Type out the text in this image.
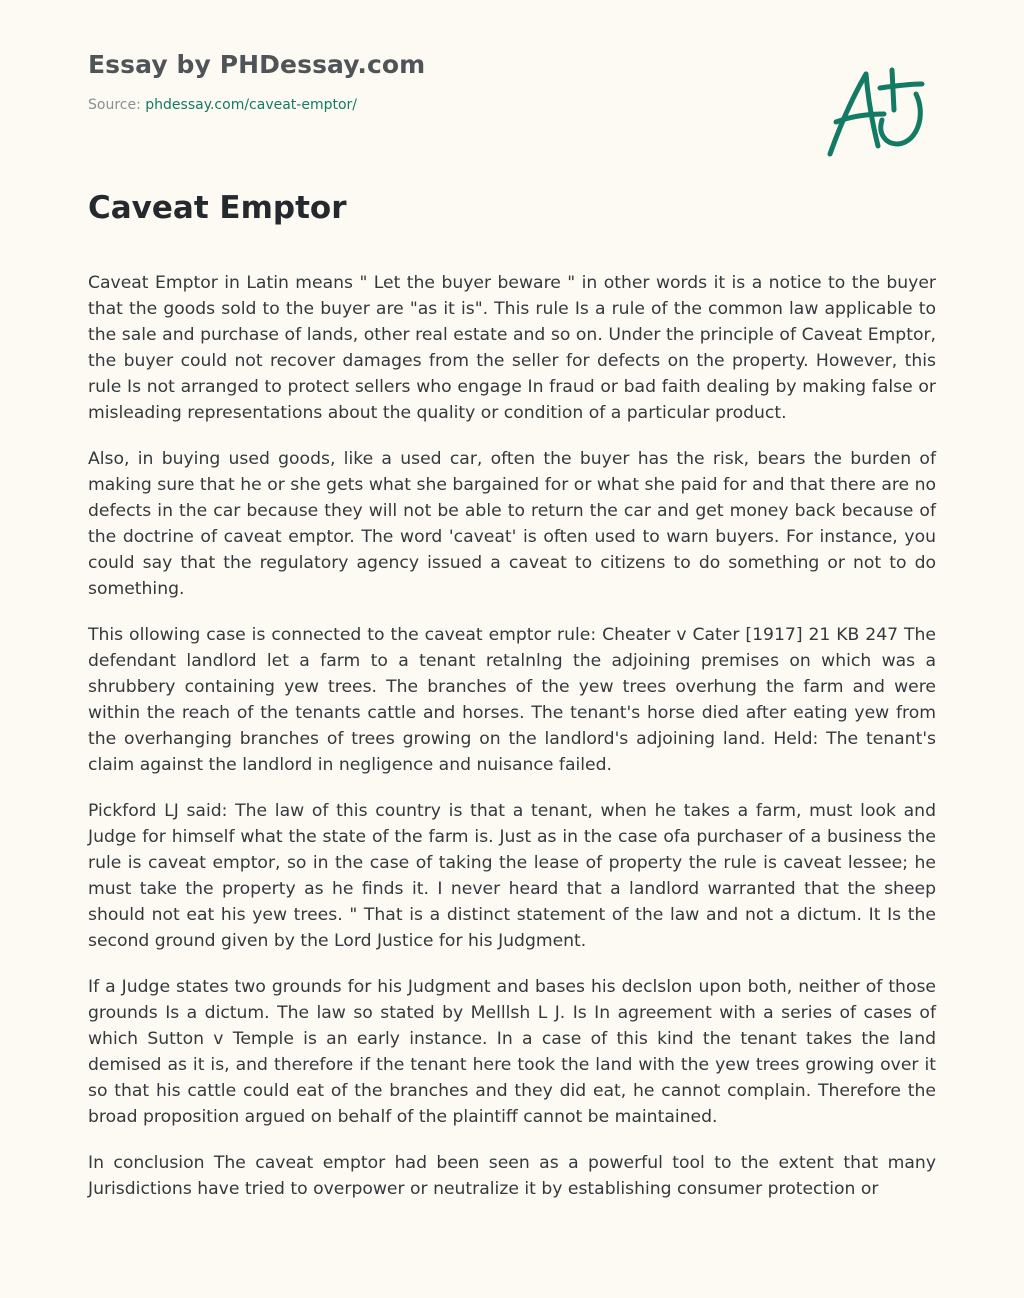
Essay by PHDessay.com
Source: phdessay.com/caveat-emptor/
Caveat Emptor

Caveat Emptor in Latin means " Let the buyer beware " in other words it is a notice to the buyer that the goods sold to the buyer are "as it is". This rule Is a rule of the common law applicable to the sale and purchase of lands, other real estate and so on. Under the principle of Caveat Emptor, the buyer could not recover damages from the seller for defects on the property. However, this rule Is not arranged to protect sellers who engage In fraud or bad faith dealing by making false or misleading representations about the quality or condition of a particular product.

Also, in buying used goods, like a used car, often the buyer has the risk, bears the burden of making sure that he or she gets what she bargained for or what she paid for and that there are no defects in the car because they will not be able to return the car and get money back because of the doctrine of caveat emptor. The word 'caveat' is often used to warn buyers. For instance, you could say that the regulatory agency issued a caveat to citizens to do something or not to do something.

This ollowing case is connected to the caveat emptor rule: Cheater v Cater [1917] 21 KB 247 The defendant landlord let a farm to a tenant retalnlng the adjoining premises on which was a shrubbery containing yew trees. The branches of the yew trees overhung the farm and were within the reach of the tenants cattle and horses. The tenant's horse died after eating yew from the overhanging branches of trees growing on the landlord's adjoining land. Held: The tenant's claim against the landlord in negligence and nuisance failed.

Pickford LJ said: The law of this country is that a tenant, when he takes a farm, must look and Judge for himself what the state of the farm is. Just as in the case ofa purchaser of a business the rule is caveat emptor, so in the case of taking the lease of property the rule is caveat lessee; he must take the property as he finds it. I never heard that a landlord warranted that the sheep should not eat his yew trees. " That is a distinct statement of the law and not a dictum. It Is the second ground given by the Lord Justice for his Judgment.

If a Judge states two grounds for his Judgment and bases his declslon upon both, neither of those grounds Is a dictum. The law so stated by Melllsh L J. Is In agreement with a series of cases of which Sutton v Temple is an early instance. In a case of this kind the tenant takes the land demised as it is, and therefore if the tenant here took the land with the yew trees growing over it so that his cattle could eat of the branches and they did eat, he cannot complain. Therefore the broad proposition argued on behalf of the plaintiff cannot be maintained.

In conclusion The caveat emptor had been seen as a powerful tool to the extent that many Jurisdictions have tried to overpower or neutralize it by establishing consumer protection or
